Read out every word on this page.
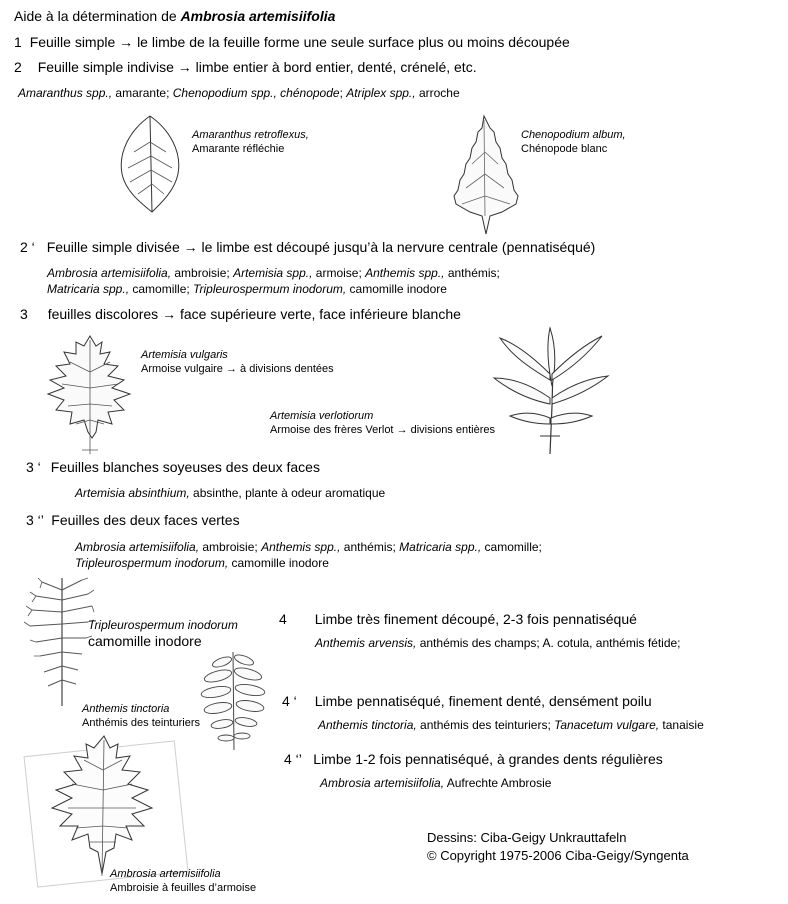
Aide à la détermination de Ambrosia artemisiifolia
1 Feuille simple → le limbe de la feuille forme une seule surface plus ou moins découpée
2 Feuille simple indivise → limbe entier à bord entier, denté, crénelé, etc.
Amaranthus spp., amarante; Chenopodium spp., chénopode; Atriplex spp., arroche
Amaranthus retroflexus,
Amarante réfléchie
Chenopodium album,
Chénopode blanc
2 ‘ Feuille simple divisée → le limbe est découpé jusqu’à la nervure centrale (pennatiséqué)
Ambrosia artemisiifolia, ambroisie; Artemisia spp., armoise; Anthemis spp., anthémis;
Matricaria spp., camomille; Tripleurospermum inodorum, camomille inodore
3 feuilles discolores → face supérieure verte, face inférieure blanche
Artemisia vulgaris
Armoise vulgaire → à divisions dentées
Artemisia verlotiorum
Armoise des frères Verlot → divisions entières
3 ‘ Feuilles blanches soyeuses des deux faces
Artemisia absinthium, absinthe, plante à odeur aromatique
3 ‘’ Feuilles des deux faces vertes
Ambrosia artemisiifolia, ambroisie; Anthemis spp., anthémis; Matricaria spp., camomille;
Tripleurospermum inodorum, camomille inodore
Tripleurospermum inodorum
camomille inodore
Anthemis tinctoria
Anthémis des teinturiers
Ambrosia artemisiifolia
Ambroisie à feuilles d’armoise
4 Limbe très finement découpé, 2-3 fois pennatiséqué
Anthemis arvensis, anthémis des champs; A. cotula, anthémis fétide;
4 ‘ Limbe pennatiséqué, finement denté, densément poilu
Anthemis tinctoria, anthémis des teinturiers; Tanacetum vulgare, tanaisie
4 ‘’ Limbe 1-2 fois pennatiséqué, à grandes dents régulières
Ambrosia artemisiifolia, Aufrechte Ambrosie
Dessins: Ciba-Geigy Unkrauttafeln
© Copyright 1975-2006 Ciba-Geigy/Syngenta
